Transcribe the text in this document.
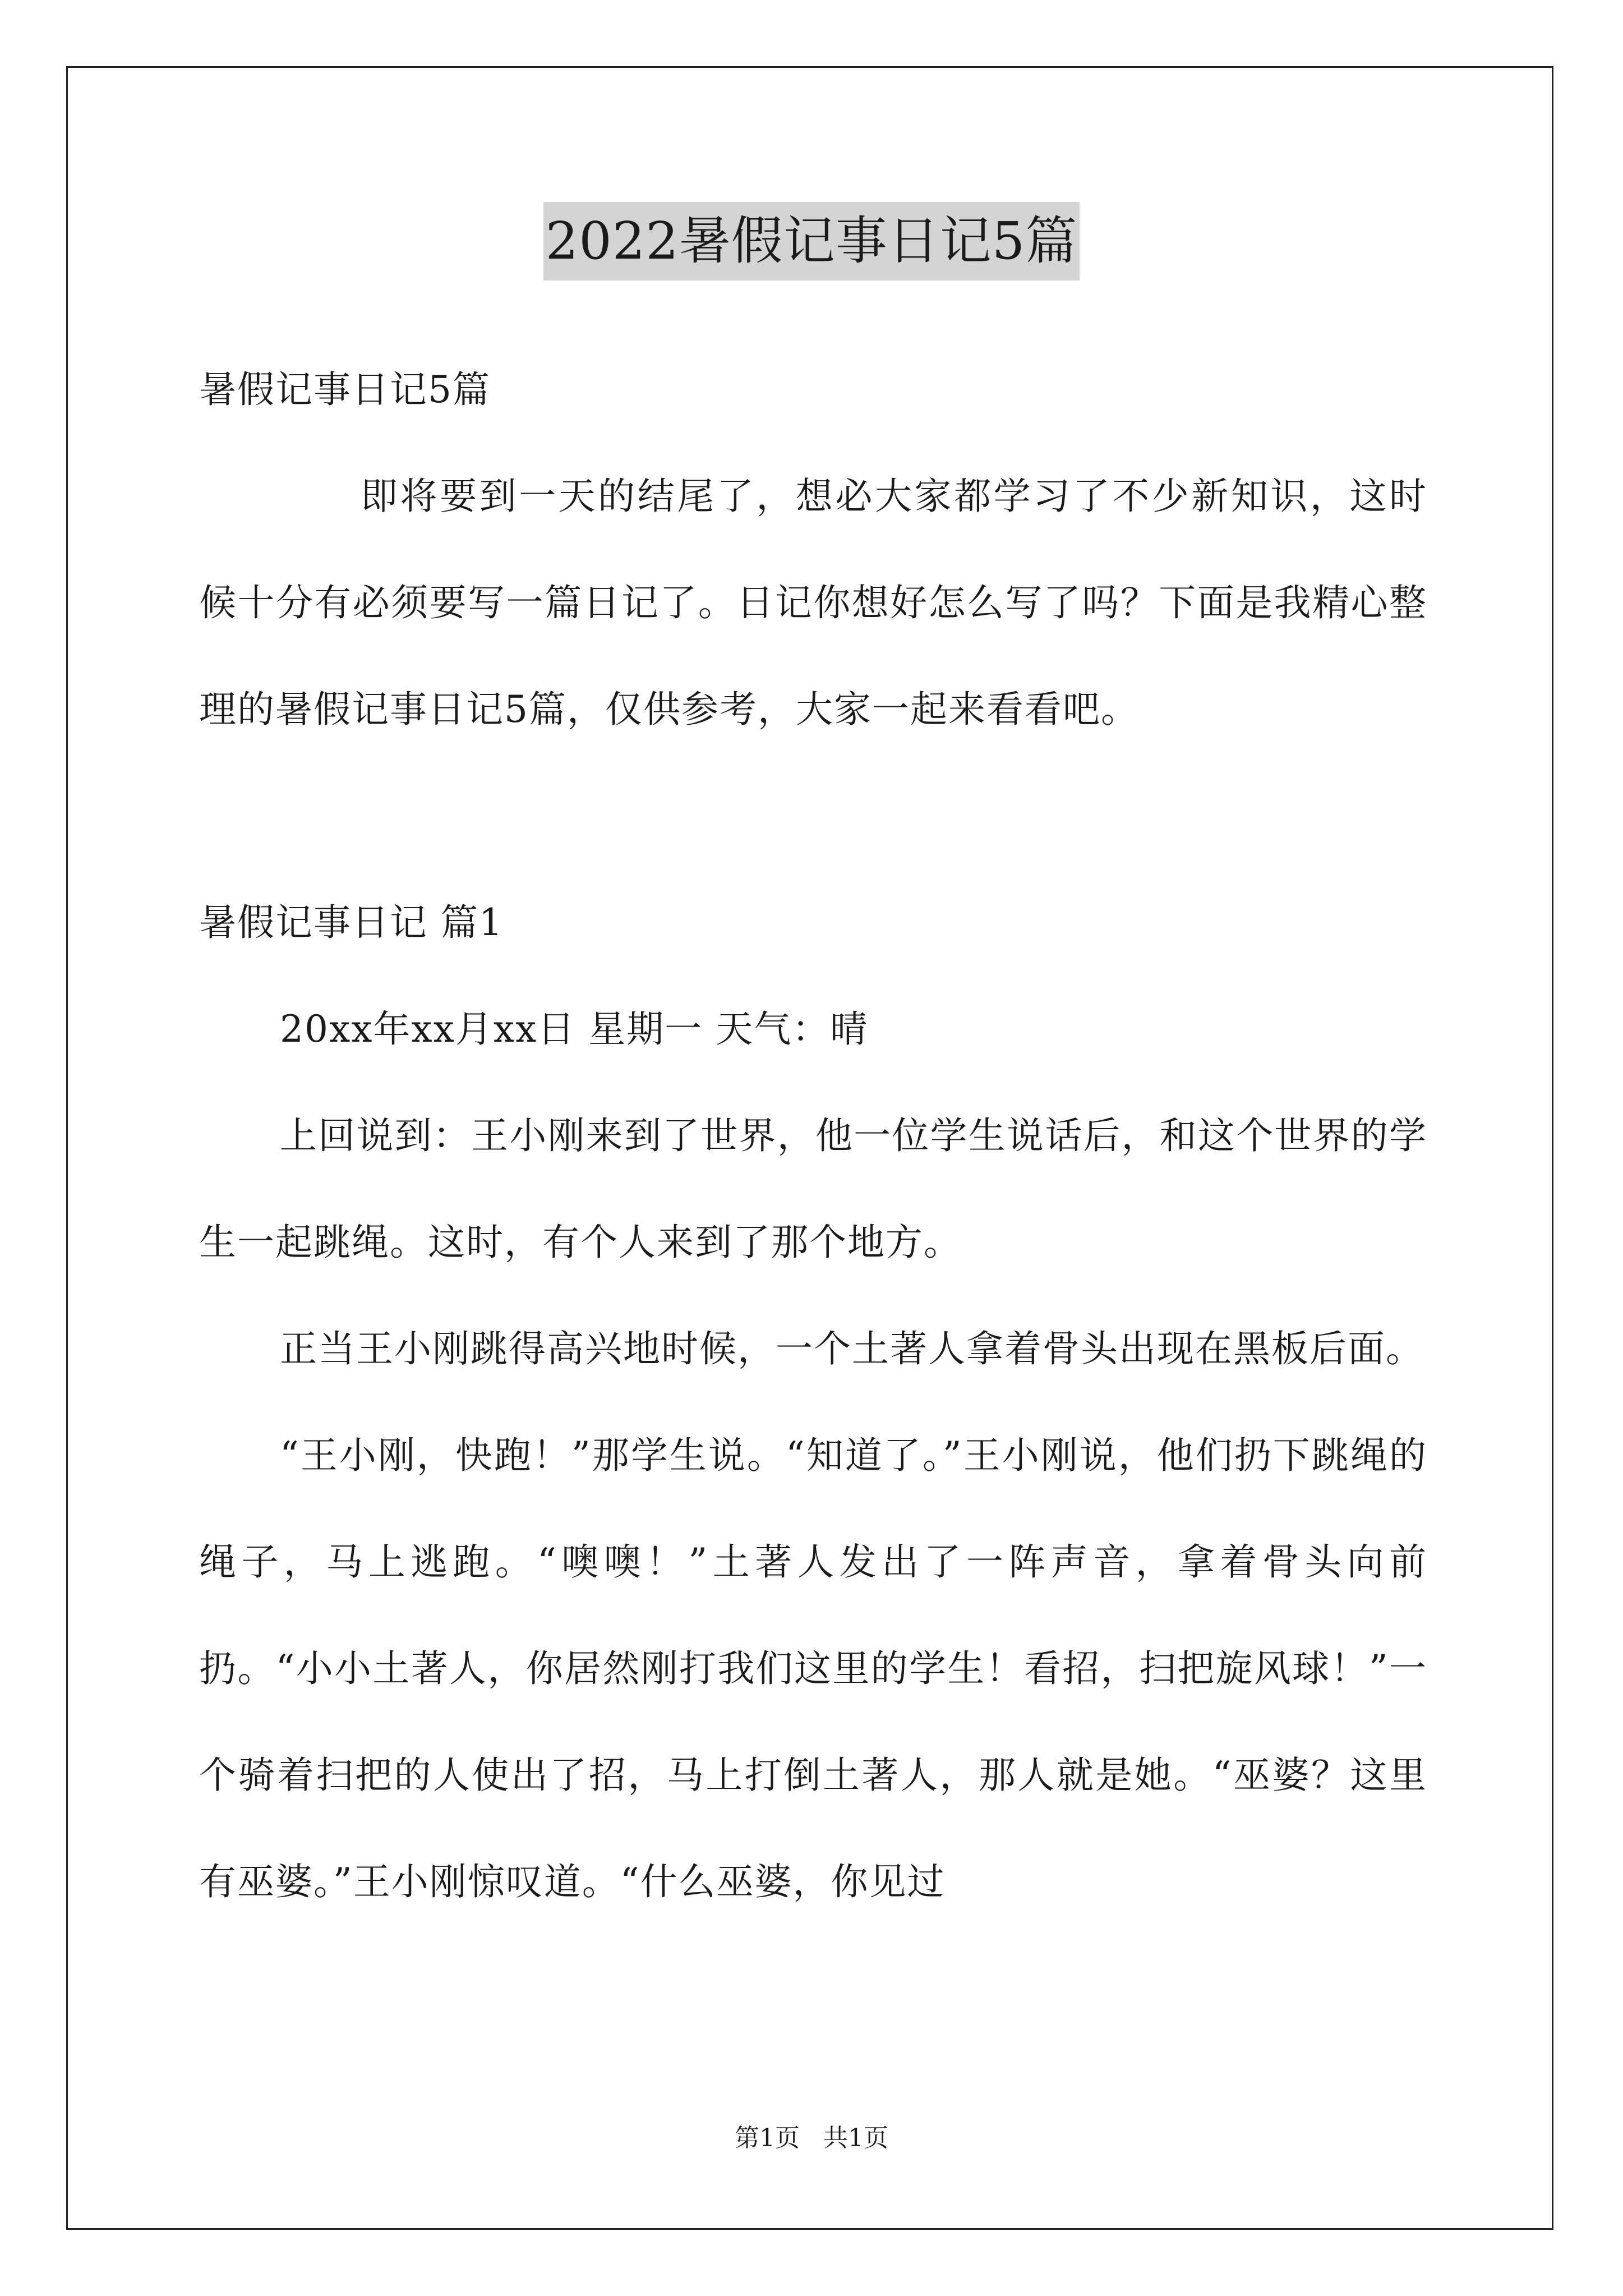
2022暑假记事日记5篇

暑假记事日记5篇

即将要到一天的结尾了，想必大家都学习了不少新知识，这时候十分有必须要写一篇日记了。日记你想好怎么写了吗？下面是我精心整理的暑假记事日记5篇，仅供参考，大家一起来看看吧。

暑假记事日记 篇1

20xx年xx月xx日 星期一 天气：晴

上回说到：王小刚来到了世界，他一位学生说话后，和这个世界的学生一起跳绳。这时，有个人来到了那个地方。

正当王小刚跳得高兴地时候，一个土著人拿着骨头出现在黑板后面。

“王小刚，快跑！”那学生说。“知道了。”王小刚说，他们扔下跳绳的绳子，马上逃跑。“噢噢！”土著人发出了一阵声音，拿着骨头向前扔。“小小土著人，你居然刚打我们这里的学生！看招，扫把旋风球！”一个骑着扫把的人使出了招，马上打倒土著人，那人就是她。“巫婆？这里有巫婆。”王小刚惊叹道。“什么巫婆，你见过

第1页 共1页
